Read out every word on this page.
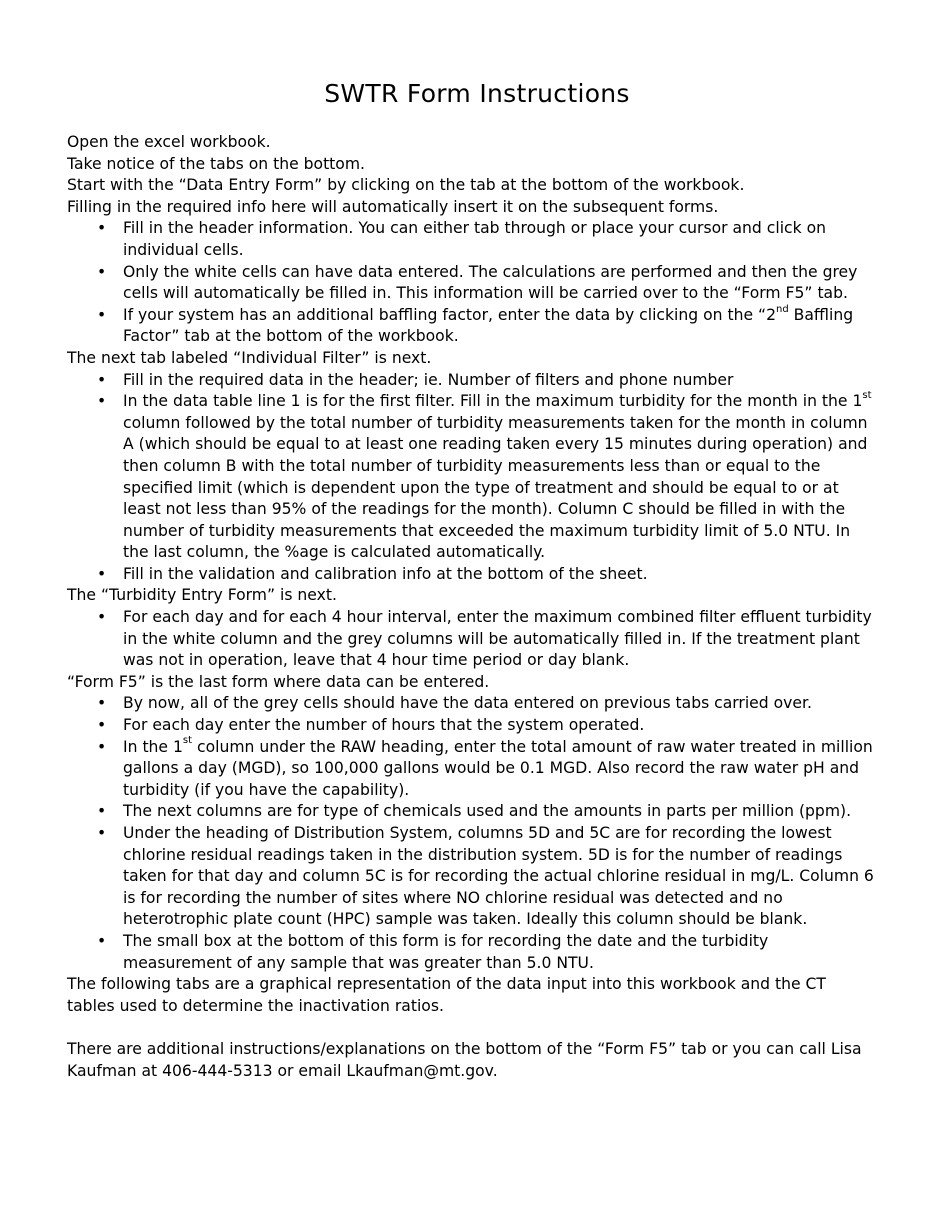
SWTR Form Instructions

Open the excel workbook.

Take notice of the tabs on the bottom.

Start with the “Data Entry Form” by clicking on the tab at the bottom of the workbook.

Filling in the required info here will automatically insert it on the subsequent forms.

• Fill in the header information. You can either tab through or place your cursor and click on individual cells.
• Only the white cells can have data entered. The calculations are performed and then the grey cells will automatically be filled in. This information will be carried over to the “Form F5” tab.
• If your system has an additional baffling factor, enter the data by clicking on the “2nd Baffling Factor” tab at the bottom of the workbook.

The next tab labeled “Individual Filter” is next.

• Fill in the required data in the header; ie. Number of filters and phone number
• In the data table line 1 is for the first filter. Fill in the maximum turbidity for the month in the 1st column followed by the total number of turbidity measurements taken for the month in column A (which should be equal to at least one reading taken every 15 minutes during operation) and then column B with the total number of turbidity measurements less than or equal to the specified limit (which is dependent upon the type of treatment and should be equal to or at least not less than 95% of the readings for the month). Column C should be filled in with the number of turbidity measurements that exceeded the maximum turbidity limit of 5.0 NTU. In the last column, the %age is calculated automatically.
• Fill in the validation and calibration info at the bottom of the sheet.

The “Turbidity Entry Form” is next.

• For each day and for each 4 hour interval, enter the maximum combined filter effluent turbidity in the white column and the grey columns will be automatically filled in. If the treatment plant was not in operation, leave that 4 hour time period or day blank.

“Form F5” is the last form where data can be entered.

• By now, all of the grey cells should have the data entered on previous tabs carried over.
• For each day enter the number of hours that the system operated.
• In the 1st column under the RAW heading, enter the total amount of raw water treated in million gallons a day (MGD), so 100,000 gallons would be 0.1 MGD. Also record the raw water pH and turbidity (if you have the capability).
• The next columns are for type of chemicals used and the amounts in parts per million (ppm).
• Under the heading of Distribution System, columns 5D and 5C are for recording the lowest chlorine residual readings taken in the distribution system. 5D is for the number of readings taken for that day and column 5C is for recording the actual chlorine residual in mg/L. Column 6 is for recording the number of sites where NO chlorine residual was detected and no heterotrophic plate count (HPC) sample was taken. Ideally this column should be blank.
• The small box at the bottom of this form is for recording the date and the turbidity measurement of any sample that was greater than 5.0 NTU.

The following tabs are a graphical representation of the data input into this workbook and the CT tables used to determine the inactivation ratios.

There are additional instructions/explanations on the bottom of the “Form F5” tab or you can call Lisa Kaufman at 406-444-5313 or email Lkaufman@mt.gov.
